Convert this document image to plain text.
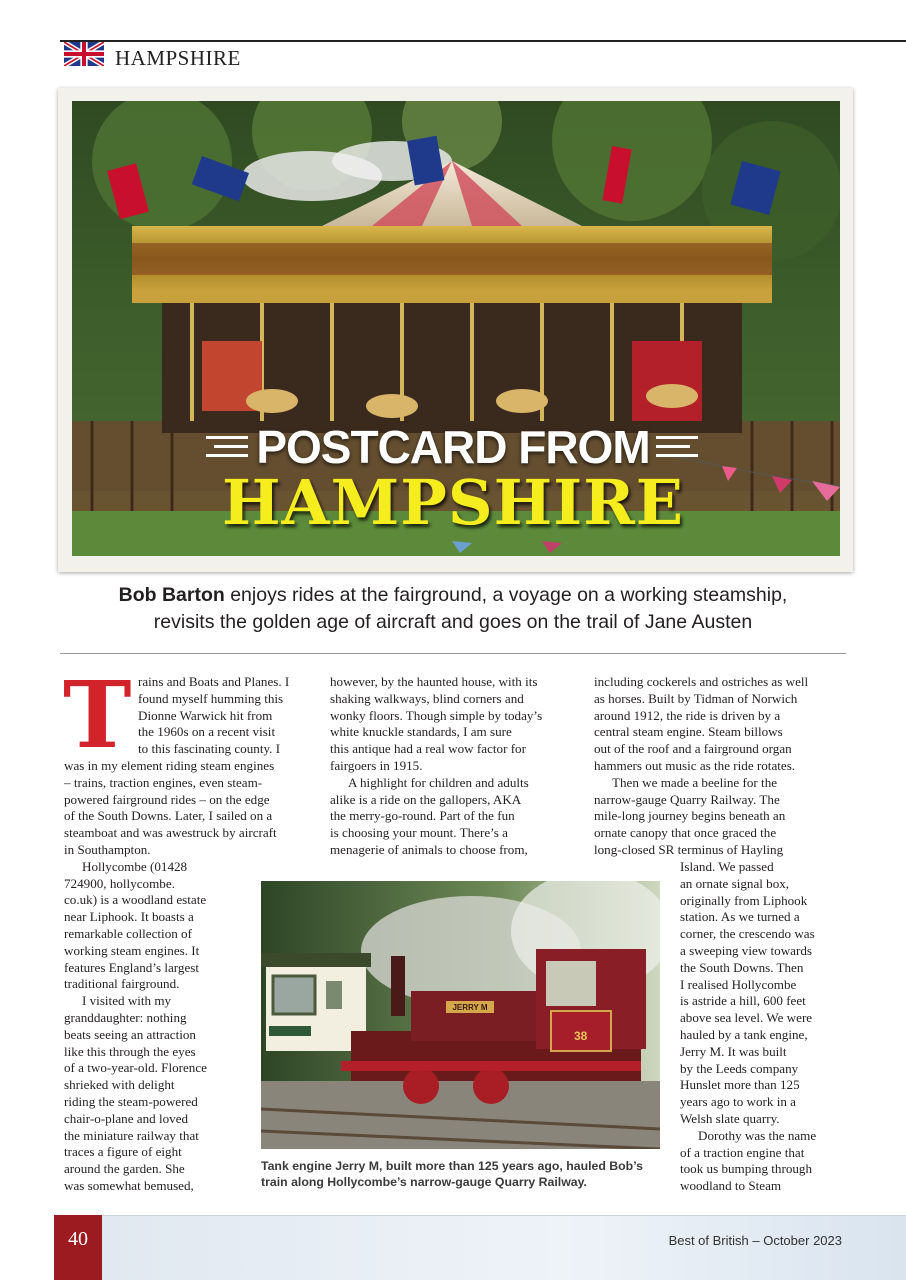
HAMPSHIRE
POSTCARD FROM
HAMPSHIRE
Bob Barton enjoys rides at the fairground, a voyage on a working steamship,
revisits the golden age of aircraft and goes on the trail of Jane Austen
T rains and Boats and Planes. I

found myself humming this

Dionne Warwick hit from

the 1960s on a recent visit

to this fascinating county. I

was in my element riding steam engines

– trains, traction engines, even steam-

powered fairground rides – on the edge

of the South Downs. Later, I sailed on a

steamboat and was awestruck by aircraft

in Southampton.

Hollycombe (01428

724900, hollycombe.

co.uk) is a woodland estate

near Liphook. It boasts a

remarkable collection of

working steam engines. It

features England’s largest

traditional fairground.

I visited with my

granddaughter: nothing

beats seeing an attraction

like this through the eyes

of a two-year-old. Florence

shrieked with delight

riding the steam-powered

chair-o-plane and loved

the miniature railway that

traces a figure of eight

around the garden. She

was somewhat bemused,

however, by the haunted house, with its

shaking walkways, blind corners and

wonky floors. Though simple by today’s

white knuckle standards, I am sure

this antique had a real wow factor for

fairgoers in 1915.

A highlight for children and adults

alike is a ride on the gallopers, AKA

the merry-go-round. Part of the fun

is choosing your mount. There’s a

menagerie of animals to choose from,

including cockerels and ostriches as well

as horses. Built by Tidman of Norwich

around 1912, the ride is driven by a

central steam engine. Steam billows

out of the roof and a fairground organ

hammers out music as the ride rotates.

Then we made a beeline for the

narrow-gauge Quarry Railway. The

mile-long journey begins beneath an

ornate canopy that once graced the

long-closed SR terminus of Hayling

Island. We passed

an ornate signal box,

originally from Liphook

station. As we turned a

corner, the crescendo was

a sweeping view towards

the South Downs. Then

I realised Hollycombe

is astride a hill, 600 feet

above sea level. We were

hauled by a tank engine,

Jerry M. It was built

by the Leeds company

Hunslet more than 125

years ago to work in a

Welsh slate quarry.

Dorothy was the name

of a traction engine that

took us bumping through

woodland to Steam

JERRY M
38
Tank engine Jerry M, built more than 125 years ago, hauled Bob’s train along Hollycombe’s narrow-gauge Quarry Railway.
40	Best of British – October 2023
